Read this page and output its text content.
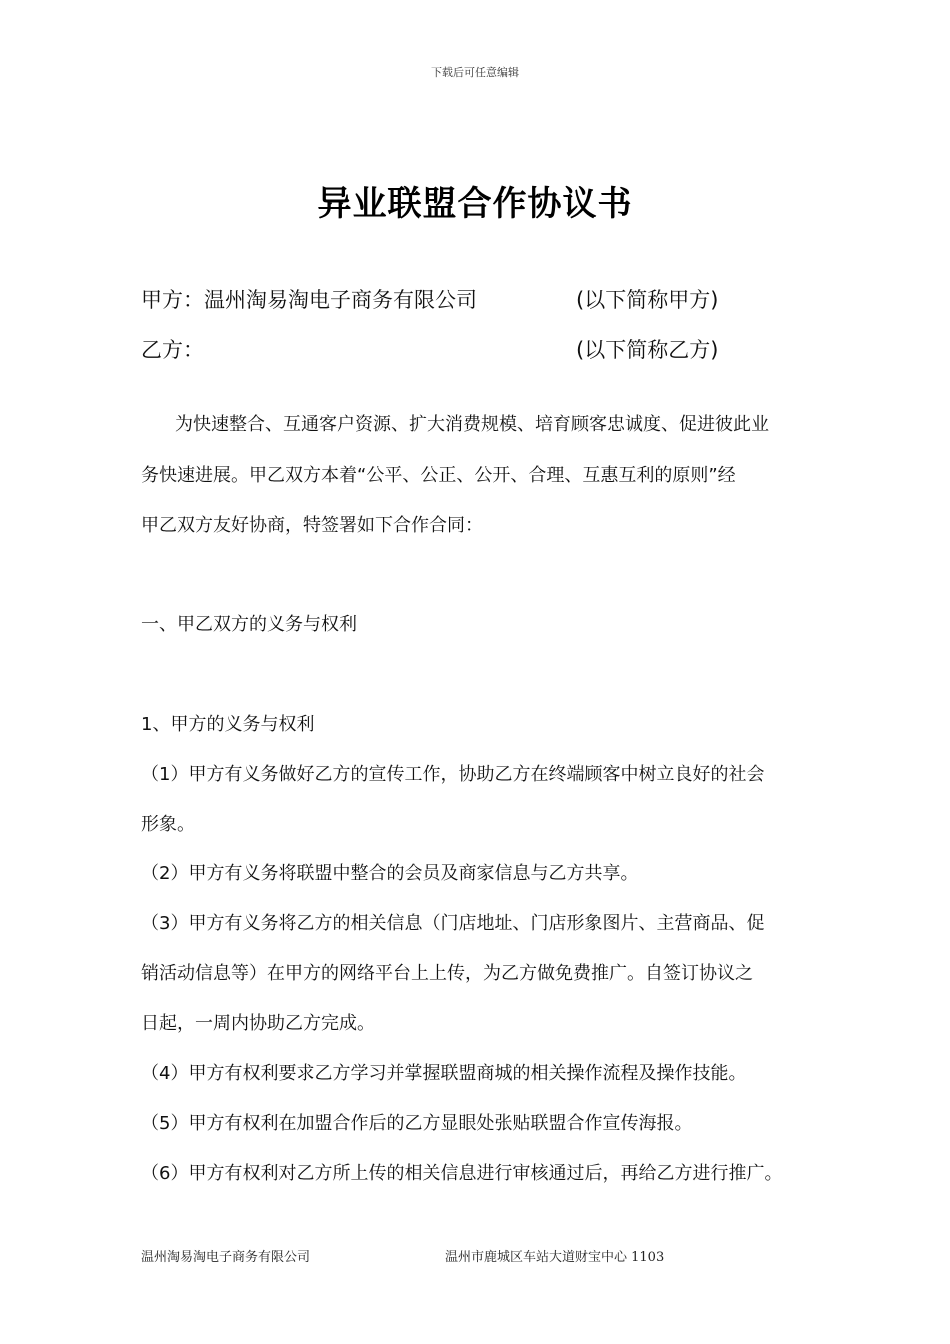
下载后可任意编辑
异业联盟合作协议书
甲方：温州淘易淘电子商务有限公司	(以下简称甲方)
乙方：	(以下简称乙方)

为快速整合、互通客户资源、扩大消费规模、培育顾客忠诚度、促进彼此业

务快速进展。甲乙双方本着“公平、公正、公开、合理、互惠互利的原则”经

甲乙双方友好协商，特签署如下合作合同：

一、甲乙双方的义务与权利
1、甲方的义务与权利

（1）甲方有义务做好乙方的宣传工作，协助乙方在终端顾客中树立良好的社会

形象。

（2）甲方有义务将联盟中整合的会员及商家信息与乙方共享。

（3）甲方有义务将乙方的相关信息（门店地址、门店形象图片、主营商品、促

销活动信息等）在甲方的网络平台上上传，为乙方做免费推广。自签订协议之

日起，一周内协助乙方完成。

（4）甲方有权利要求乙方学习并掌握联盟商城的相关操作流程及操作技能。

（5）甲方有权利在加盟合作后的乙方显眼处张贴联盟合作宣传海报。

（6）甲方有权利对乙方所上传的相关信息进行审核通过后，再给乙方进行推广。

温州淘易淘电子商务有限公司	温州市鹿城区车站大道财宝中心 1103
